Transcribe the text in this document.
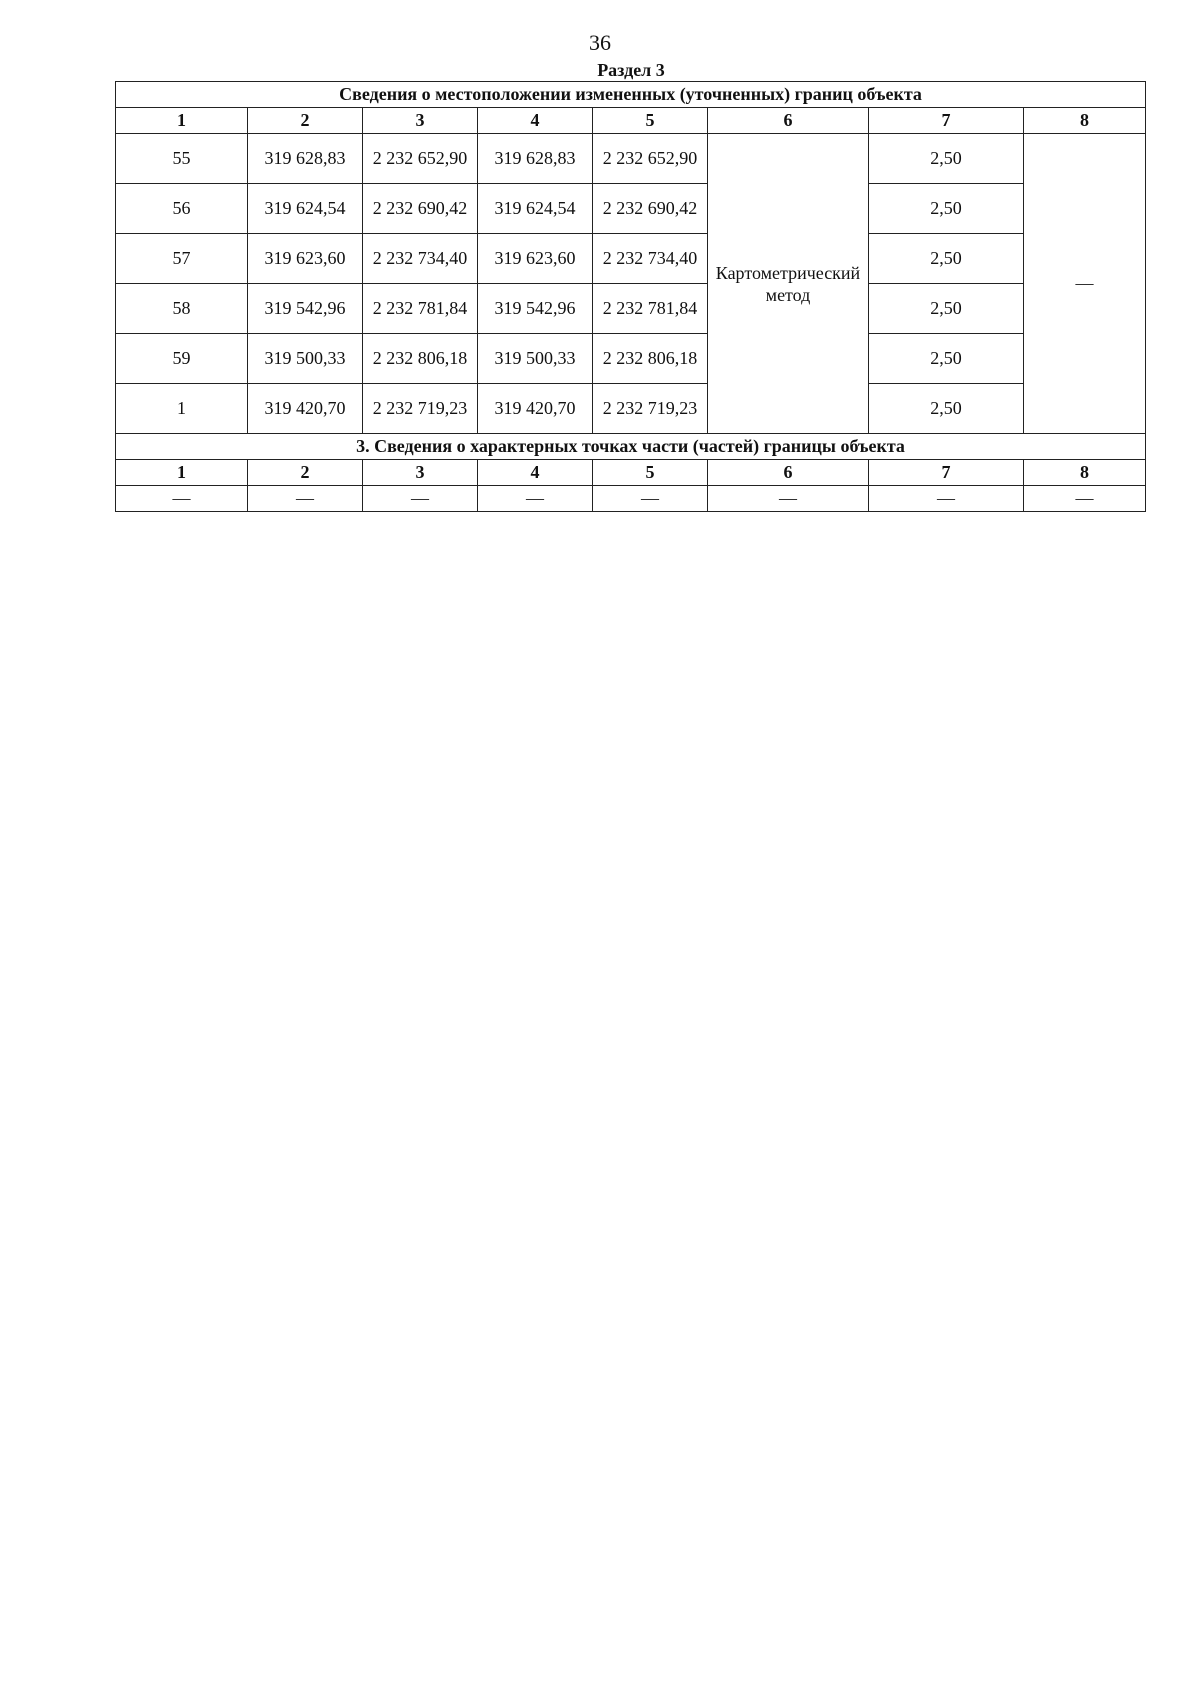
36
Раздел 3
Сведения о местоположении измененных (уточненных) границ объекта							
1	2	3	4	5	6	7	8
55	319 628,83	2 232 652,90	319 628,83	2 232 652,90	Картометрический метод	2,50	—
56	319 624,54	2 232 690,42	319 624,54	2 232 690,42		2,50	
57	319 623,60	2 232 734,40	319 623,60	2 232 734,40		2,50	
58	319 542,96	2 232 781,84	319 542,96	2 232 781,84		2,50	
59	319 500,33	2 232 806,18	319 500,33	2 232 806,18		2,50	
1	319 420,70	2 232 719,23	319 420,70	2 232 719,23		2,50	
3. Сведения о характерных точках части (частей) границы объекта							
1	2	3	4	5	6	7	8
—	—	—	—	—	—	—	—
